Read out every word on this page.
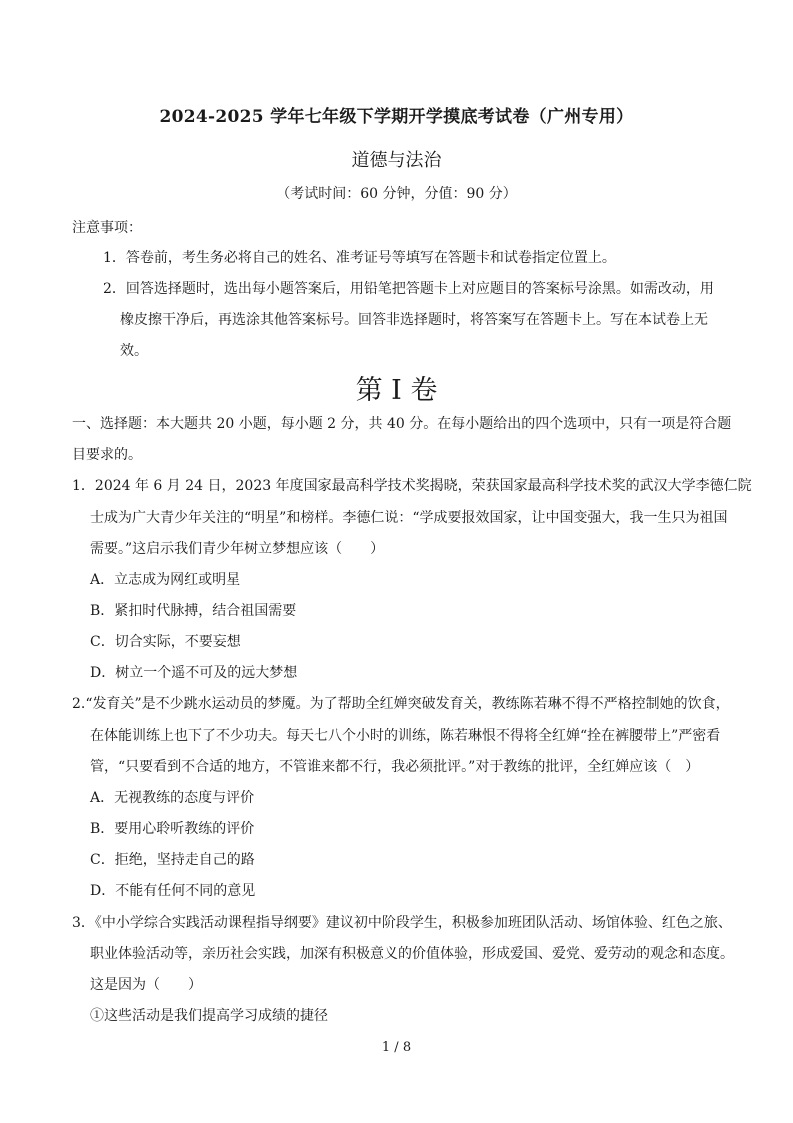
2024-2025 学年七年级下学期开学摸底考试卷（广州专用）
道德与法治
（考试时间：60 分钟，分值：90 分）
注意事项：
1．答卷前，考生务必将自己的姓名、准考证号等填写在答题卡和试卷指定位置上。
2．回答选择题时，选出每小题答案后，用铅笔把答题卡上对应题目的答案标号涂黑。如需改动，用
橡皮擦干净后，再选涂其他答案标号。回答非选择题时，将答案写在答题卡上。写在本试卷上无
效。
第 I 卷
一、选择题：本大题共 20 小题，每小题 2 分，共 40 分。在每小题给出的四个选项中，只有一项是符合题
目要求的。
1．2024 年 6 月 24 日，2023 年度国家最高科学技术奖揭晓，荣获国家最高科学技术奖的武汉大学李德仁院
士成为广大青少年关注的“明星”和榜样。李德仁说：“学成要报效国家，让中国变强大，我一生只为祖国
需要。”这启示我们青少年树立梦想应该（　　）
A．立志成为网红或明星
B．紧扣时代脉搏，结合祖国需要
C．切合实际，不要妄想
D．树立一个遥不可及的远大梦想
2.“发育关”是不少跳水运动员的梦魇。为了帮助全红婵突破发育关，教练陈若琳不得不严格控制她的饮食，
在体能训练上也下了不少功夫。每天七八个小时的训练，陈若琳恨不得将全红婵“拴在裤腰带上”严密看
管，“只要看到不合适的地方，不管谁来都不行，我必须批评。”对于教练的批评，全红婵应该（　）
A．无视教练的态度与评价
B．要用心聆听教练的评价
C．拒绝，坚持走自己的路
D．不能有任何不同的意见
3．《中小学综合实践活动课程指导纲要》建议初中阶段学生，积极参加班团队活动、场馆体验、红色之旅、
职业体验活动等，亲历社会实践，加深有积极意义的价值体验，形成爱国、爱党、爱劳动的观念和态度。
这是因为（　　）
①这些活动是我们提高学习成绩的捷径
1 / 8
